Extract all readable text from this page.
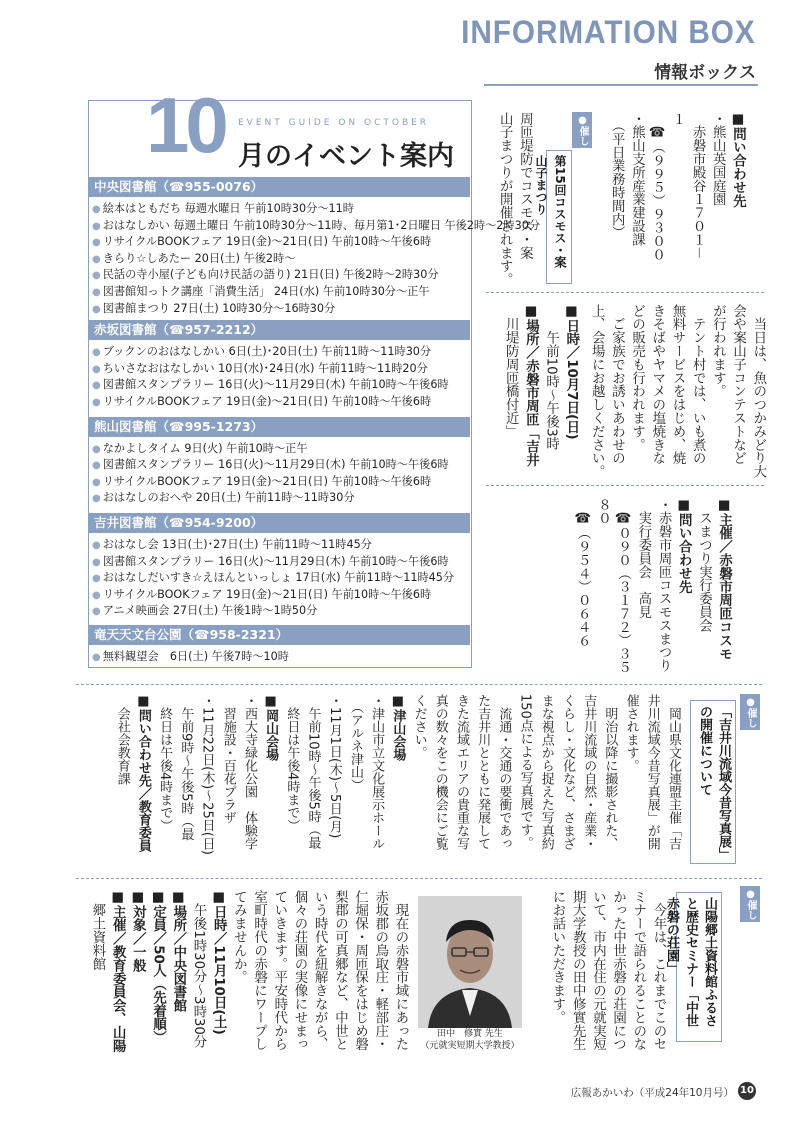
INFORMATION BOX
情報ボックス
10 EVENT GUIDE ON OCTOBER
月のイベント案内
中央図書館（☎955-0076）
● 絵本はともだち 毎週水曜日 午前10時30分～11時
● おはなしかい 毎週土曜日 午前10時30分～11時、毎月第1･2日曜日 午後2時～2時30分
● リサイクルBOOKフェア 19日(金)～21日(日) 午前10時～午後6時
● きらり☆しあたー 20日(土) 午後2時～
● 民話の寺小屋(子ども向け民話の語り) 21日(日) 午後2時～2時30分
● 図書館知っトク講座「消費生活」 24日(水) 午前10時30分～正午
● 図書館まつり 27日(土) 10時30分～16時30分
赤坂図書館（☎957-2212）
● ブックンのおはなしかい 6日(土)･20日(土) 午前11時～11時30分
● ちいさなおはなしかい 10日(水)･24日(水) 午前11時～11時20分
● 図書館スタンプラリー 16日(火)～11月29日(木) 午前10時～午後6時
● リサイクルBOOKフェア 19日(金)～21日(日) 午前10時～午後6時
熊山図書館（☎995-1273）
● なかよしタイム 9日(火) 午前10時～正午
● 図書館スタンプラリー 16日(火)～11月29日(木) 午前10時～午後6時
● リサイクルBOOKフェア 19日(金)～21日(日) 午前10時～午後6時
● おはなしのおへや 20日(土) 午前11時～11時30分
吉井図書館（☎954-9200）
● おはなし会 13日(土)･27日(土) 午前11時～11時45分
● 図書館スタンプラリー 16日(火)～11月29日(木) 午前10時～午後6時
● おはなしだいすき☆えほんといっしょ 17日(水) 午前11時～11時45分
● リサイクルBOOKフェア 19日(金)～21日(日) 午前10時～午後6時
● アニメ映画会 27日(土) 午後1時～1時50分
竜天天文台公園（☎958-2321）
● 無料観望会　6日(土) 午後7時～10時

■問い合わせ先

・熊山英国庭園

　赤磐市殿谷１７０１－１

　☎（９９５）９３００

・熊山支所産業建設課

　（平日業務時間内）

●催し
第15回コスモス・案山子まつり

周匝堤防でコスモス・案

山子まつりが開催されます。

　当日は、魚のつかみどり大

会や案山子コンテストなど

が行われます。

　テント村では、いも煮の

無料サービスをはじめ、焼

きそばやヤマメの塩焼きな

どの販売も行われます。

　ご家族でお誘いあわせの

上、会場にお越しください。

■日時／10月7日(日)

　　午前10時～午後3時

■場所／赤磐市周匝「吉井

　川堤防周匝橋付近」

■主催／赤磐市周匝コスモ

　スまつり実行委員会

■問い合わせ先

・赤磐市周匝コスモスまつり

　実行委員会　高見

　☎０９０（３１７２）３５８０

　☎（９５４）０６４６

●催し
「吉井川流域今昔写真展」の開催について

　岡山県文化連盟主催「吉

井川流域今昔写真展」が開

催されます。

　明治以降に撮影された、

吉井川流域の自然・産業・

くらし・文化など、さまざ

まな視点から捉えた写真約

150点による写真展です。

　流通・交通の要衝であっ

た吉井川とともに発展して

きた流域エリアの貴重な写

真の数々をこの機会にご覧

ください。

■津山会場

・津山市立文化展示ホール

　（アルネ津山）

・11月1日(木)～5日(月)

　午前10時～午後5時（最

　終日は午後4時まで）

■岡山会場

・西大寺緑化公園　体験学

　習施設・百花プラザ

・11月22日(木)～25日(日)

　午前9時～午後5時（最

　終日は午後4時まで）

■問い合わせ先／教育委員

　会社会教育課

●催し
山陽郷土資料館ふるさと歴史セミナー「中世赤磐の荘園」

　今年は、これまでこのセ

ミナーで語られることのな

かった中世赤磐の荘園につ

いて、市内在住の元就実短

期大学教授の田中修實先生

にお話いただきます。

田中　修實 先生
（元就実短期大学教授）

　現在の赤磐市域にあった

赤坂郡の鳥取庄・軽部庄・

仁堀保・周匝保をはじめ磐

梨郡の可真郷など、中世と

いう時代を紐解きながら、

個々の荘園の実像にせまっ

ていきます。平安時代から

室町時代の赤磐にワープし

てみませんか。

■日時／11月10日(土)

　午後1時30分～3時30分

■場所／中央図書館

■定員／50人（先着順）

■対象／一般

■主催／教育委員会、山陽

　郷土資料館

広報あかいわ（平成24年10月号） 10
